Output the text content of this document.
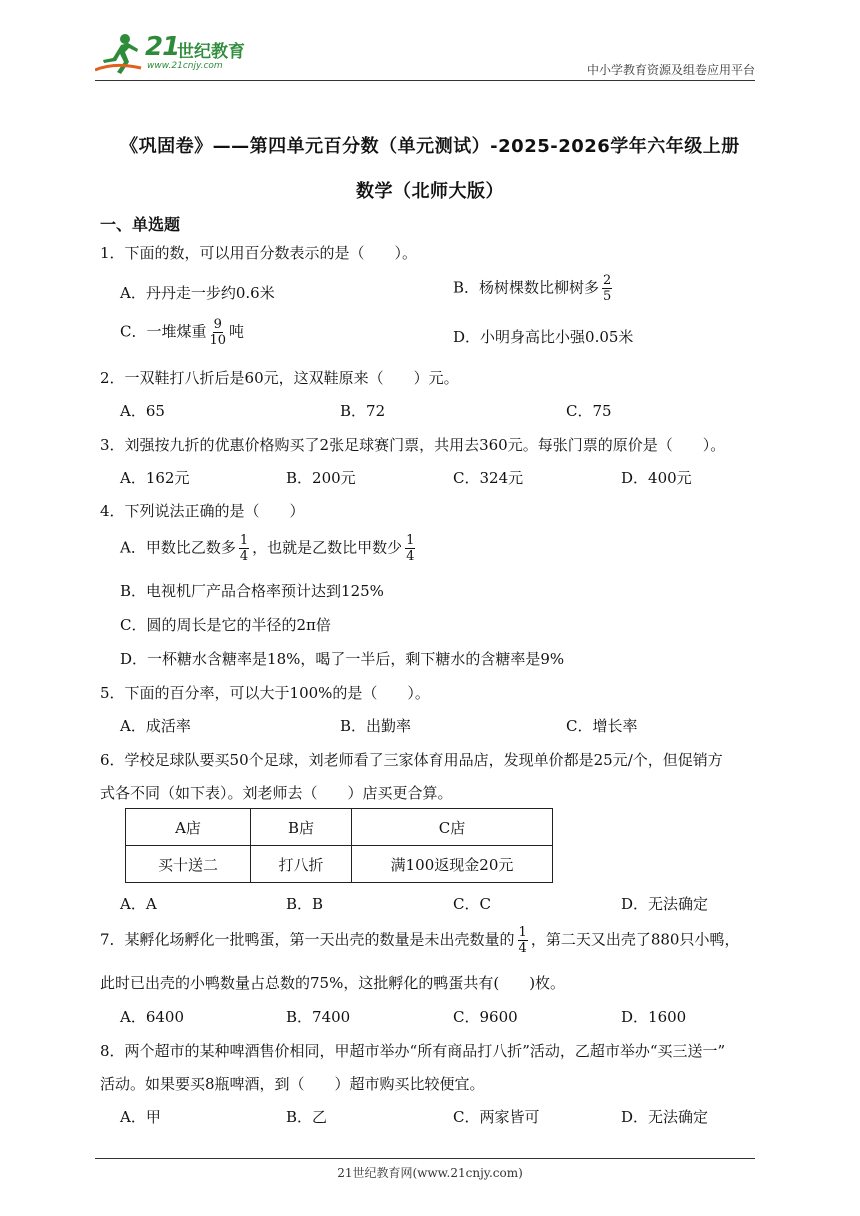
21
世纪教育
www.21cnjy.com	中小学教育资源及组卷应用平台
《巩固卷》——第四单元百分数（单元测试）-2025-2026学年六年级上册
数学（北师大版）
一、单选题
1．下面的数，可以用百分数表示的是（　　）。
A．丹丹走一步约0.6米	B．杨树棵数比柳树多 $\frac{2}{5}$
C．一堆煤重 $\frac{9}{10}$ 吨	D．小明身高比小强0.05米
2．一双鞋打八折后是60元，这双鞋原来（　　）元。
A．65	B．72	C．75
3．刘强按九折的优惠价格购买了2张足球赛门票，共用去360元。每张门票的原价是（　　）。
A．162元	B．200元	C．324元	D．400元
4．下列说法正确的是（　　）
A．甲数比乙数多 $\frac{1}{4}$ ，也就是乙数比甲数少 $\frac{1}{4}$
B．电视机厂产品合格率预计达到125%
C．圆的周长是它的半径的2π倍
D．一杯糖水含糖率是18%，喝了一半后，剩下糖水的含糖率是9%
5．下面的百分率，可以大于100%的是（　　）。
A．成活率	B．出勤率	C．增长率
6．学校足球队要买50个足球，刘老师看了三家体育用品店，发现单价都是25元/个，但促销方
式各不同（如下表）。刘老师去（　　）店买更合算。
A店	B店	C店
买十送二	打八折	满100返现金20元
A．A	B．B	C．C	D．无法确定
7．某孵化场孵化一批鸭蛋，第一天出壳的数量是未出壳数量的 $\frac{1}{4}$ ，第二天又出壳了880只小鸭，
此时已出壳的小鸭数量占总数的75%，这批孵化的鸭蛋共有(　　)枚。
A．6400	B．7400	C．9600	D．1600
8．两个超市的某种啤酒售价相同，甲超市举办“所有商品打八折”活动，乙超市举办“买三送一”
活动。如果要买8瓶啤酒，到（　　）超市购买比较便宜。
A．甲	B．乙	C．两家皆可	D．无法确定
21世纪教育网(www.21cnjy.com)
